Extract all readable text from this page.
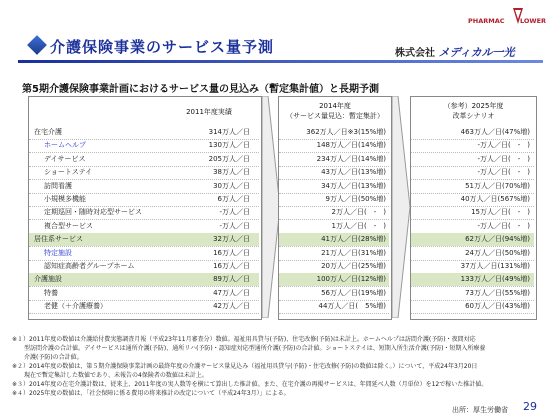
介護保険事業のサービス量予測
PHARMAC LOWER
株式会社 メディカル一光
第5期介護保険事業計画におけるサービス量の見込み（暫定集計値）と長期予測
2011年度実績
2014年度
（サービス量見込：暫定集計）
（参考）2025年度
改革シナリオ
在宅介護	314万人／日	362万人／日※3(15%増)	463万人／日(47%増)
ホームヘルプ	130万人／日	148万人／日(14%増)	-万人／日(　-　)
デイサービス	205万人／日	234万人／日(14%増)	-万人／日(　-　)
ショートステイ	38万人／日	43万人／日(13%増)	-万人／日(　-　)
訪問看護	30万人／日	34万人／日(13%増)	51万人／日(70%増)
小規模多機能	6万人／日	9万人／日(50%増)	40万人／日(567%増)
定期巡回・随時対応型サービス	-万人／日	2万人／日(　-　)	15万人／日(　-　)
複合型サービス	-万人／日	1万人／日(　-　)	-万人／日(　-　)
居住系サービス	32万人／日	41万人／日(28%増)	62万人／日(94%増)
特定施設	16万人／日	21万人／日(31%増)	24万人／日(50%増)
認知症高齢者グループホーム	16万人／日	20万人／日(25%増)	37万人／日(131%増)
介護施設	89万人／日	100万人／日(12%増)	133万人／日(49%増)
特養	47万人／日	56万人／日(19%増)	73万人／日(55%増)
老健（＋介護療養）	42万人／日	44万人／日(　5%増)	60万人／日(43%増)
※１）2011年度の数値は介護給付費実態調査月報（平成23年11月審査分）数値。福祉用具貸与(予防)、住宅改修(予防)は未計上。ホームヘルプは訪問介護(予防)・夜間対応
　　型訪問介護の合計値。デイサービスは通所介護(予防)、通所リハ(予防)・認知症対応型通所介護(予防)の合計値。ショートステイは、短期入所生活介護(予防)・短期入所療養
　　介護(予防)の合計値。
※２）2014年度の数値は、第５期介護保険事業計画の最終年度の介護サービス量見込み（福祉用具貸与(予防)・住宅改修(予防)の数値は除く。）について、平成24年3月20日
　　現在で暫定集計した数値であり、未報告の4保険者の数値は未計上。
※３）2014年度の在宅介護計数は、従来上、2011年度の実人数等を横にて算出した推計値。また、在宅介護の再掲サービスは、年間延べ人数（月単位）を12で稼いた推計値。
※４）2025年度の数値は、「社会保障に係る費用の将来推計の改定について（平成24年3月）」による。
出所：厚生労働省 29
